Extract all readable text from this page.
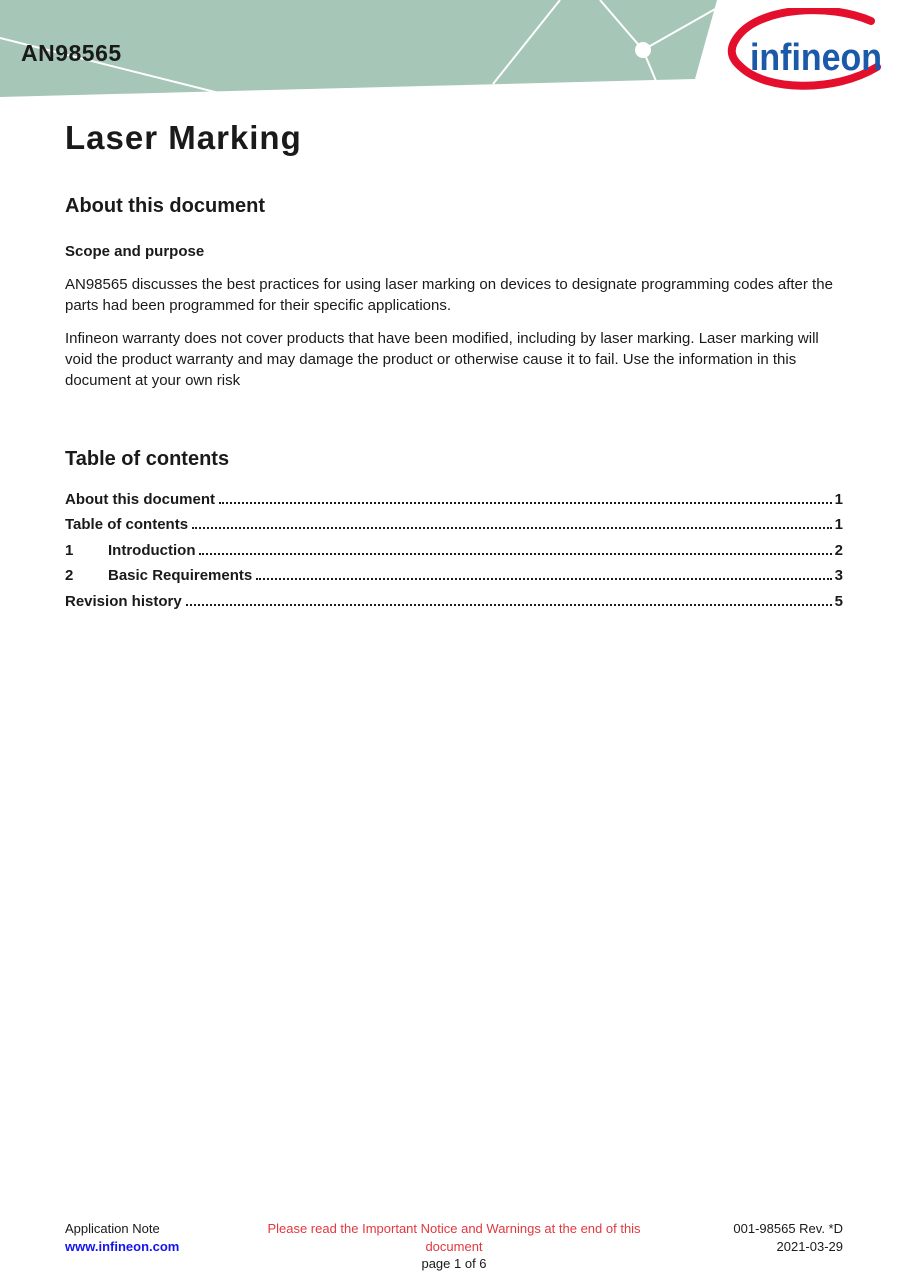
AN98565	infineon
Laser Marking
About this document
Scope and purpose

AN98565 discusses the best practices for using laser marking on devices to designate programming codes after the parts had been programmed for their specific applications.

Infineon warranty does not cover products that have been modified, including by laser marking. Laser marking will void the product warranty and may damage the product or otherwise cause it to fail. Use the information in this document at your own risk

Table of contents
About this document	1
Table of contents	1
1	Introduction	2
2	Basic Requirements	3
Revision history	5
Application Note
www.infineon.com
Please read the Important Notice and Warnings at the end of this document
page 1 of 6
001-98565 Rev. *D
2021-03-29
